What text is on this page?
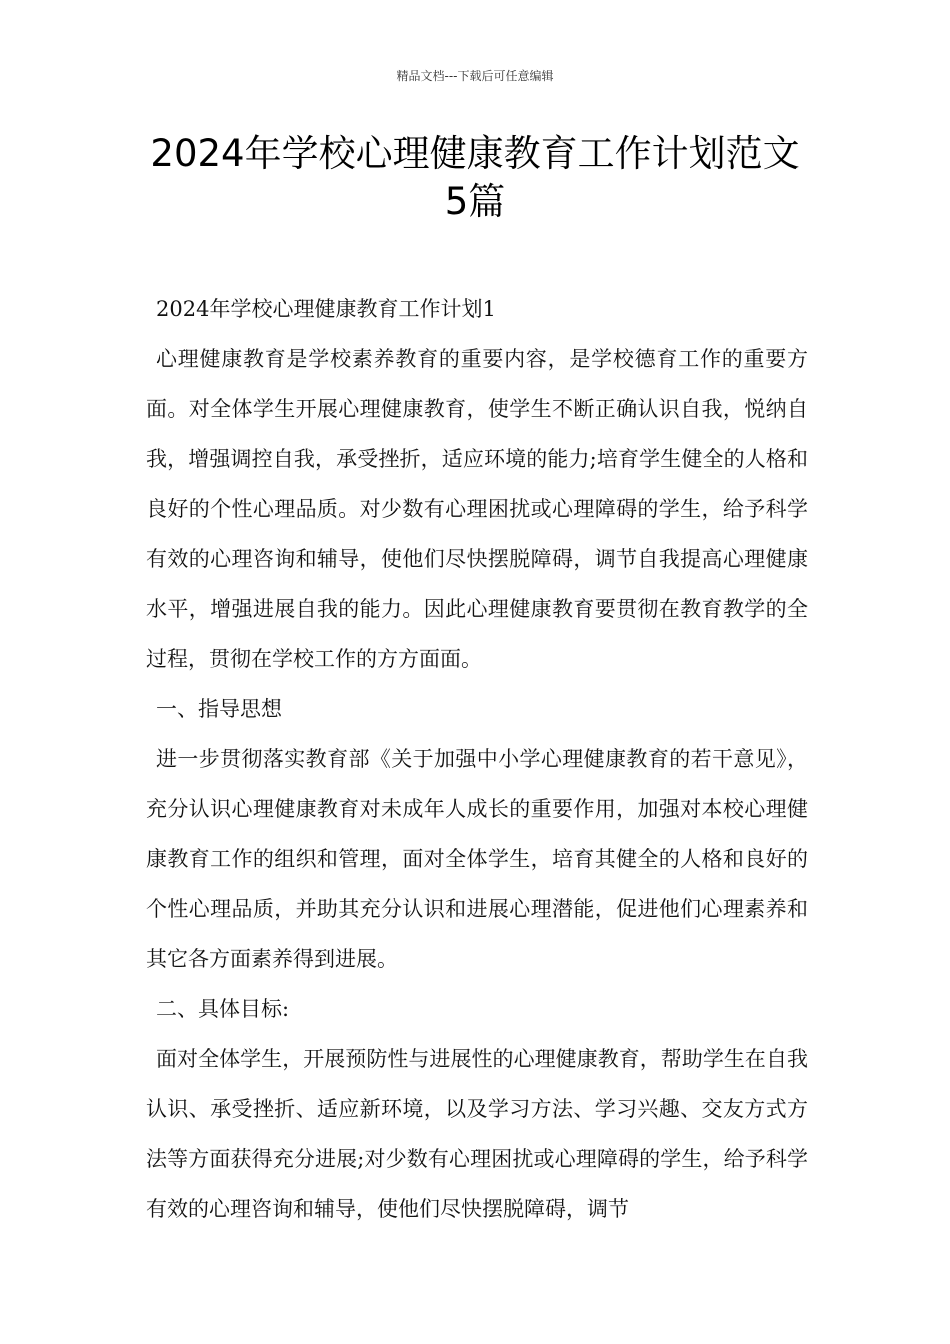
精品文档---下载后可任意编辑
2024年学校心理健康教育工作计划范文
5篇

2024年学校心理健康教育工作计划1

心理健康教育是学校素养教育的重要内容，是学校德育工作的重要方面。对全体学生开展心理健康教育，使学生不断正确认识自我，悦纳自我，增强调控自我，承受挫折，适应环境的能力;培育学生健全的人格和良好的个性心理品质。对少数有心理困扰或心理障碍的学生，给予科学有效的心理咨询和辅导，使他们尽快摆脱障碍，调节自我提高心理健康水平，增强进展自我的能力。因此心理健康教育要贯彻在教育教学的全过程，贯彻在学校工作的方方面面。

一、指导思想

进一步贯彻落实教育部《关于加强中小学心理健康教育的若干意见》，充分认识心理健康教育对未成年人成长的重要作用，加强对本校心理健康教育工作的组织和管理，面对全体学生，培育其健全的人格和良好的个性心理品质，并助其充分认识和进展心理潜能，促进他们心理素养和其它各方面素养得到进展。

二、具体目标:

面对全体学生，开展预防性与进展性的心理健康教育，帮助学生在自我认识、承受挫折、适应新环境，以及学习方法、学习兴趣、交友方式方法等方面获得充分进展;对少数有心理困扰或心理障碍的学生，给予科学有效的心理咨询和辅导，使他们尽快摆脱障碍，调节
